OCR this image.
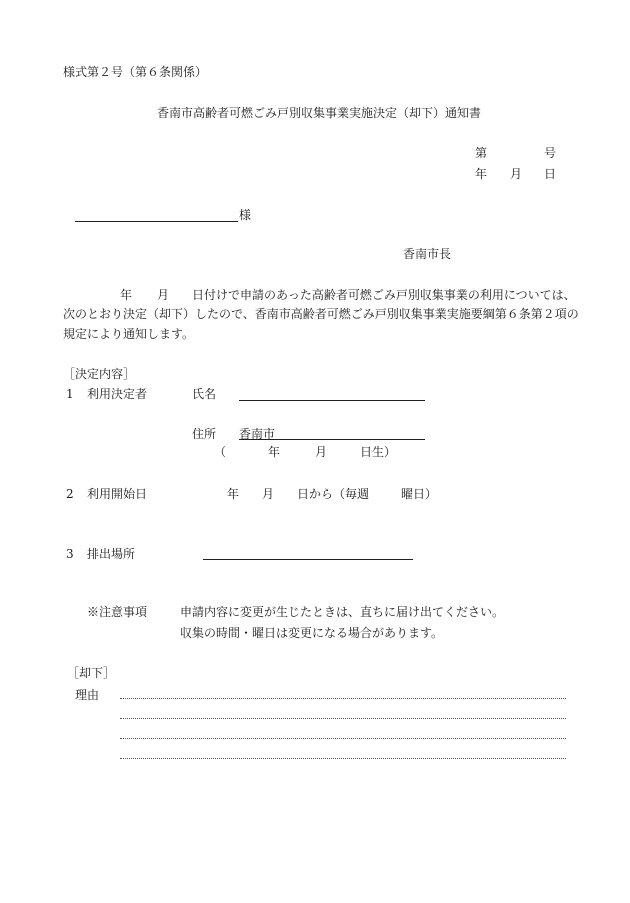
様式第２号（第６条関係）
香南市高齢者可燃ごみ戸別収集事業実施決定（却下）通知書
第	号
年 月 日
様
香南市長
年 月 日付けで申請のあった高齢者可燃ごみ戸別収集事業の利用については、
次のとおり決定（却下）したので、香南市高齢者可燃ごみ戸別収集事業実施要綱第６条第２項の
規定により通知します。
［決定内容］
1 利用決定者	氏名
住所 香南市
（	年	月	日生）
2 利用開始日	年 月 日から（毎週	曜日）
3 排出場所
※注意事項	申請内容に変更が生じたときは、直ちに届け出てください。
収集の時間・曜日は変更になる場合があります。
［却下］
理由
